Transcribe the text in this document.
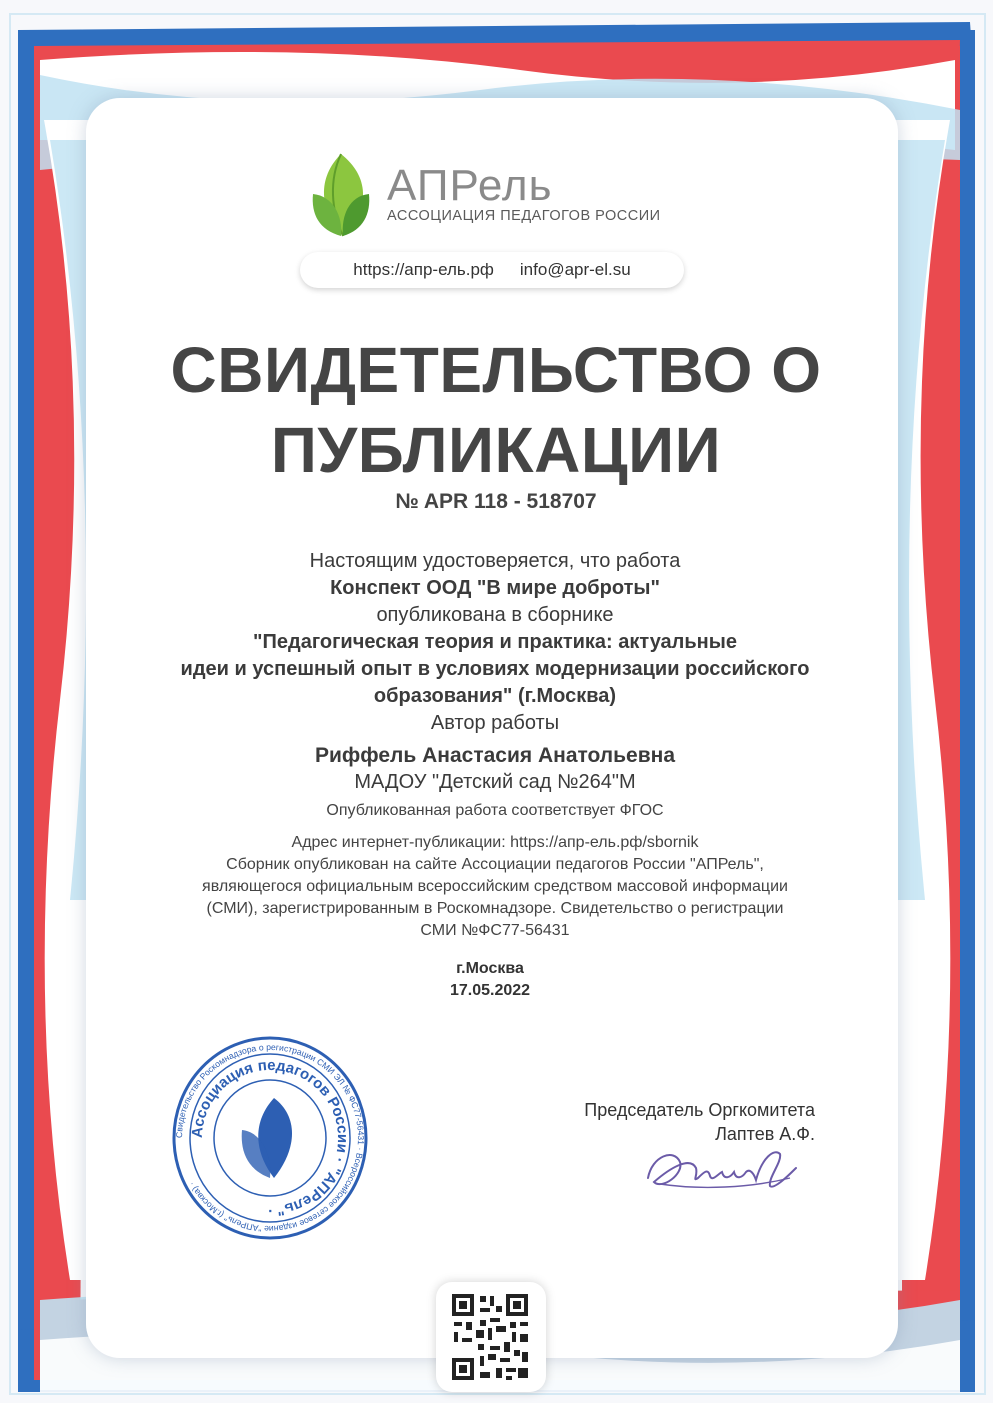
АПРель
АССОЦИАЦИЯ ПЕДАГОГОВ РОССИИ
https://апр-ель.рф info@apr-el.su
СВИДЕТЕЛЬСТВО О
ПУБЛИКАЦИИ
№ APR 118 - 518707
Настоящим удостоверяется, что работа
Конспект ООД "В мире доброты"
опубликована в сборнике
"Педагогическая теория и практика: актуальные
идеи и успешный опыт в условиях модернизации российского
образования" (г.Москва)
Автор работы
Риффель Анастасия Анатольевна
МАДОУ "Детский сад №264"М
Опубликованная работа соответствует ФГОС
Адрес интернет-публикации: https://апр-ель.рф/sbornik
Сборник опубликован на сайте Ассоциации педагогов России "АПРель",
являющегося официальным всероссийским средством массовой информации
(СМИ), зарегистрированным в Роскомнадзоре. Свидетельство о регистрации
СМИ №ФС77-56431
г.Москва
17.05.2022
Свидетельство Роскомнадзора о регистрации СМИ ЭЛ № ФС77-56431 · Всероссийское сетевое издание "АПРель" (г.Москва) ·
Ассоциация педагогов России · "АПРель" ·
Председатель Оргкомитета
Лаптев А.Ф.
